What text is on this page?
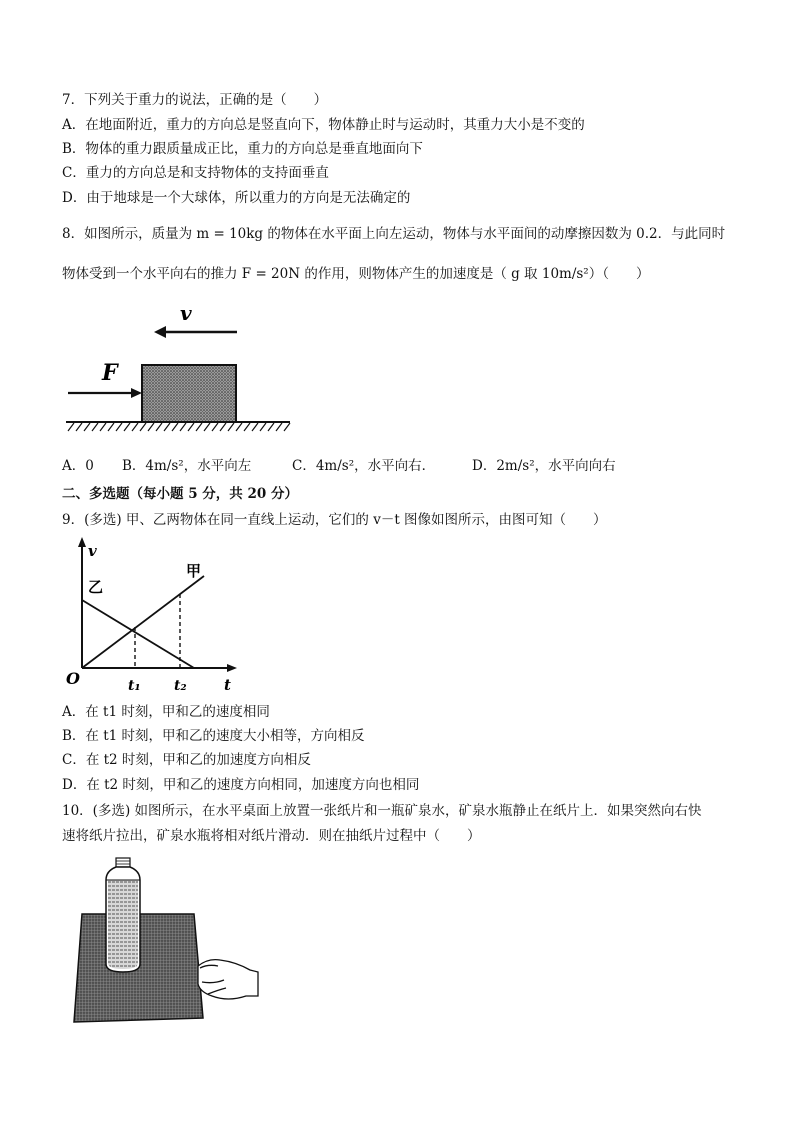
7．下列关于重力的说法，正确的是（　　）
A．在地面附近，重力的方向总是竖直向下，物体静止时与运动时，其重力大小是不变的
B．物体的重力跟质量成正比，重力的方向总是垂直地面向下
C．重力的方向总是和支持物体的支持面垂直
D．由于地球是一个大球体，所以重力的方向是无法确定的
8．如图所示，质量为 m = 10kg 的物体在水平面上向左运动，物体与水平面间的动摩擦因数为 0.2．与此同时
物体受到一个水平向右的推力 F = 20N 的作用，则物体产生的加速度是（ g 取 10m/s²）（　　）
v
F
A．0 B．4m/s²，水平向左	C．4m/s²，水平向右．	D．2m/s²，水平向向右
二、多选题（每小题 5 分，共 20 分）
9．(多选) 甲、乙两物体在同一直线上运动，它们的 v－t 图像如图所示，由图可知（　　）
v
t
O
甲
乙
t₁ t₂
A．在 t1 时刻，甲和乙的速度相同
B．在 t1 时刻，甲和乙的速度大小相等，方向相反
C．在 t2 时刻，甲和乙的加速度方向相反
D．在 t2 时刻，甲和乙的速度方向相同，加速度方向也相同
10．(多选) 如图所示，在水平桌面上放置一张纸片和一瓶矿泉水，矿泉水瓶静止在纸片上．如果突然向右快
速将纸片拉出，矿泉水瓶将相对纸片滑动．则在抽纸片过程中（　　）
